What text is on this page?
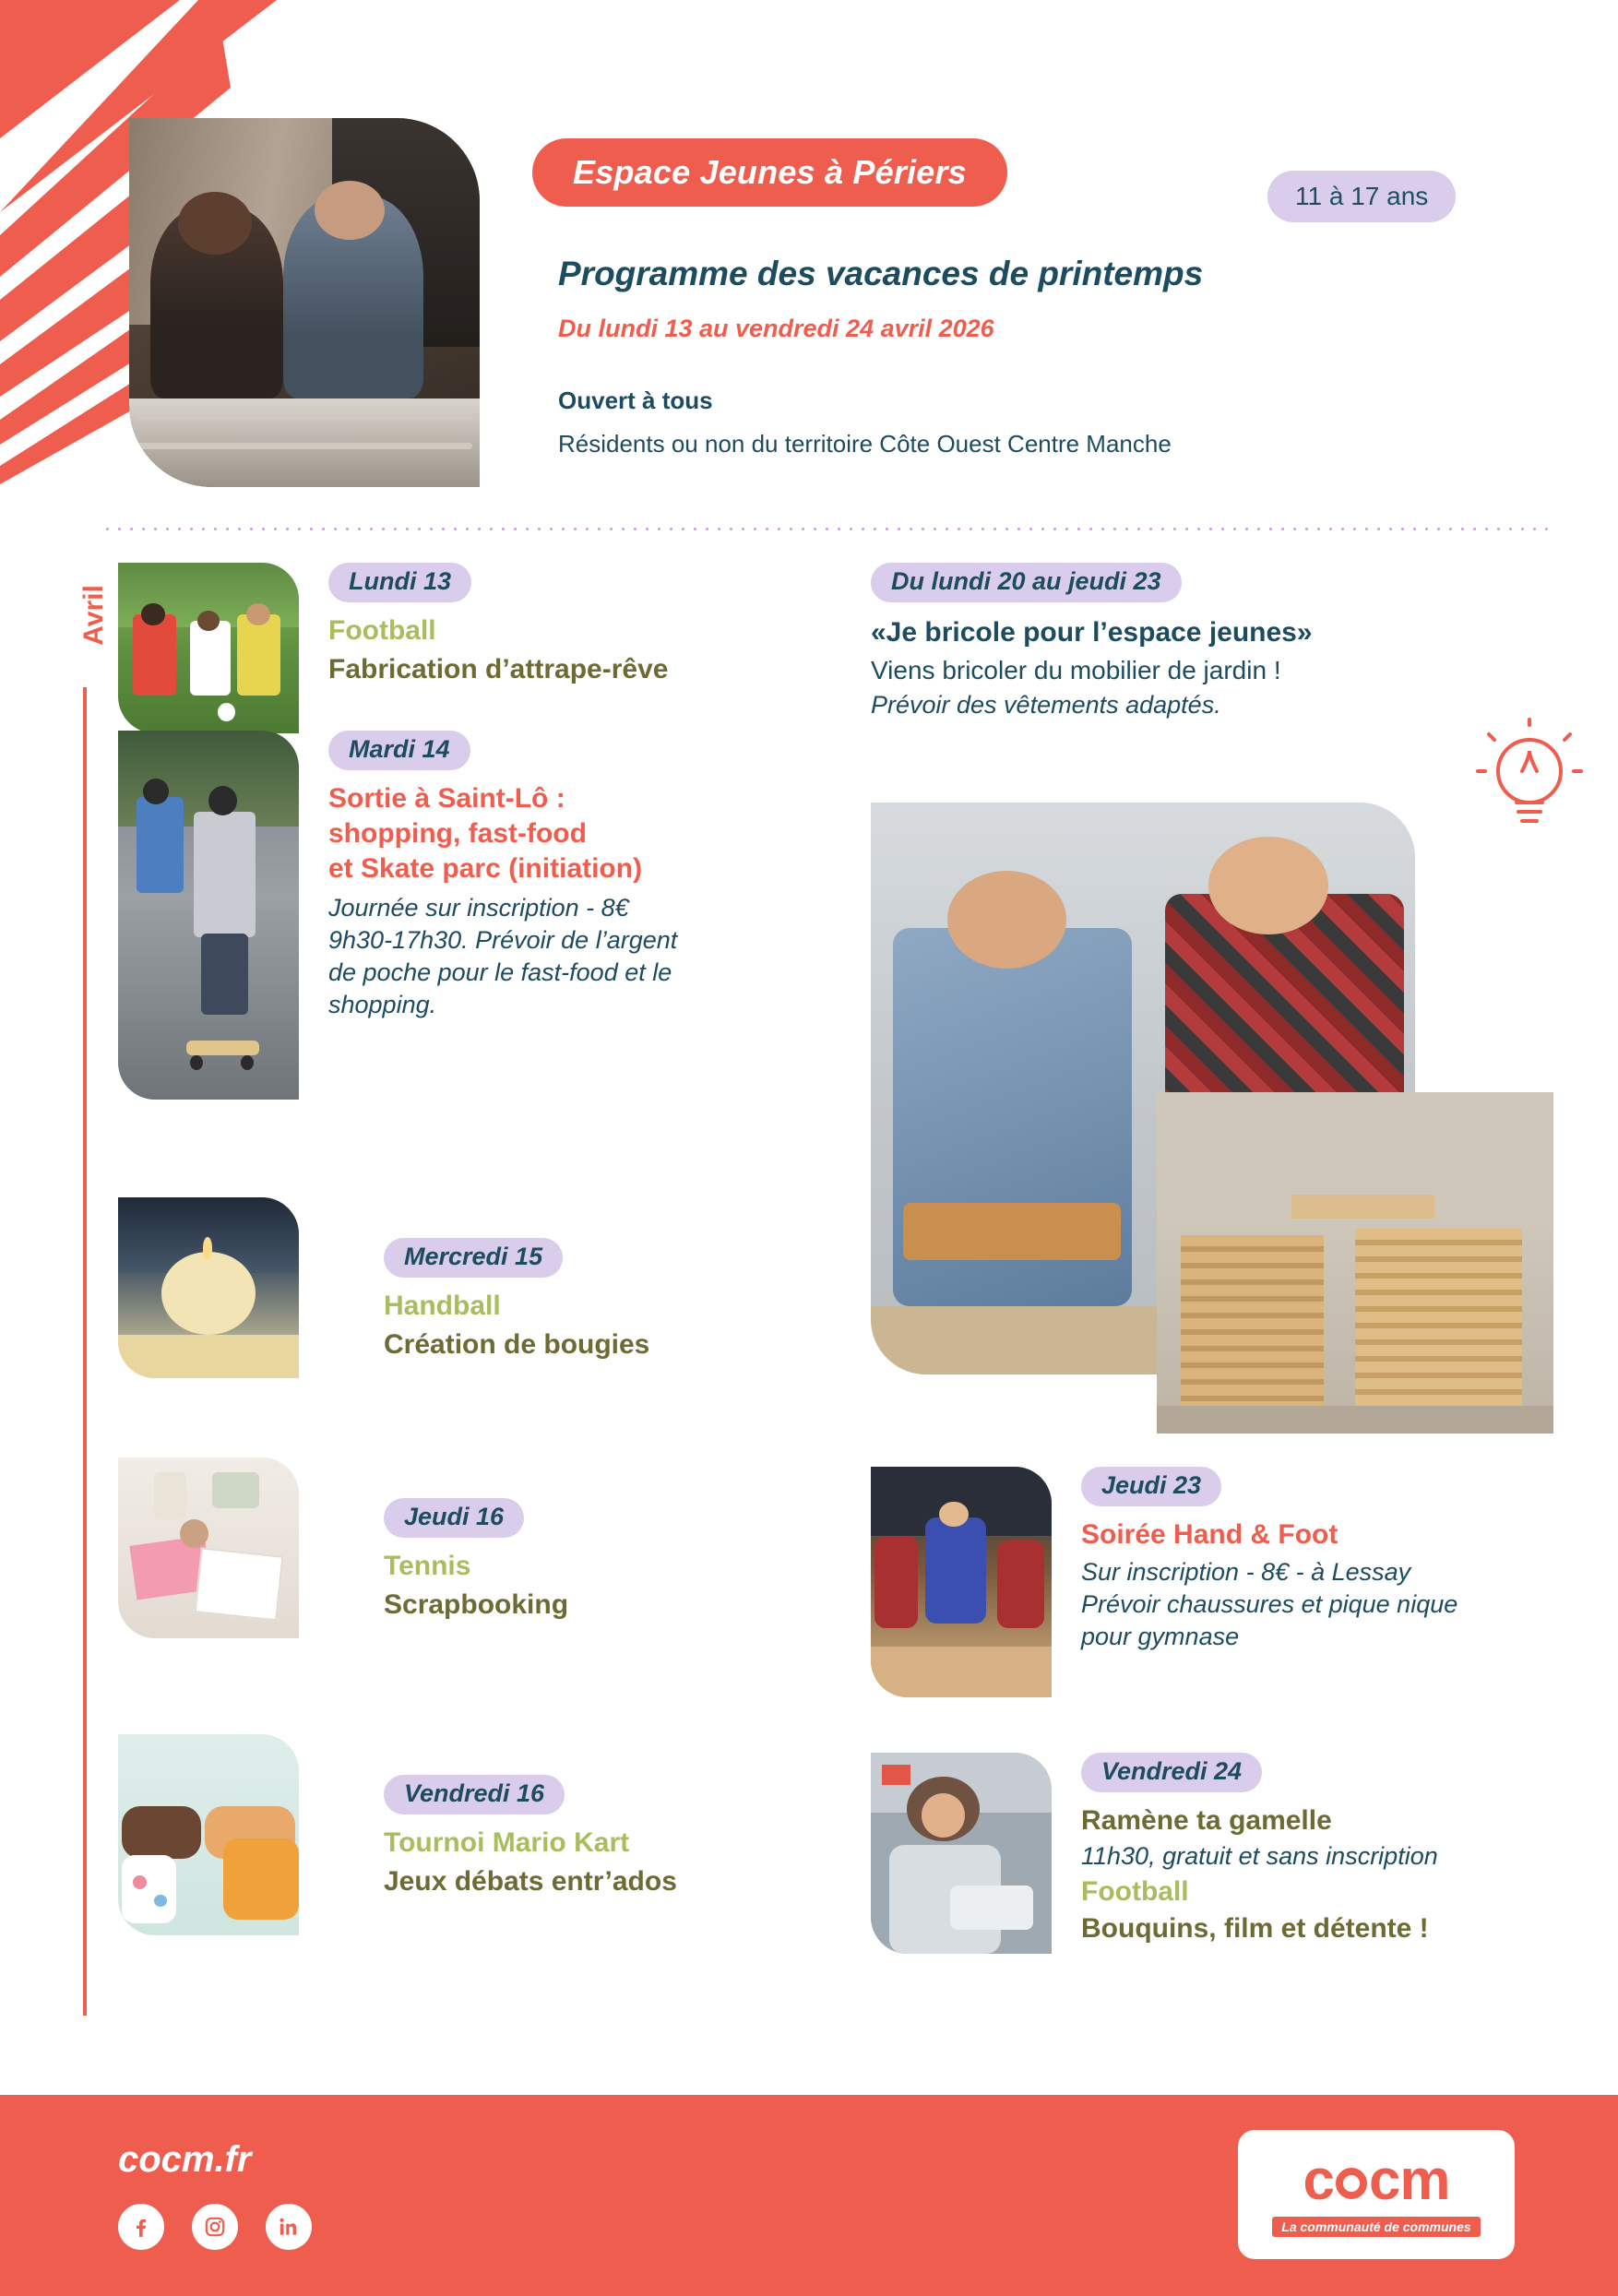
Espace Jeunes à Périers
11 à 17 ans
Programme des vacances de printemps
Du lundi 13 au vendredi 24 avril 2026
Ouvert à tous
Résidents ou non du territoire Côte Ouest Centre Manche
Avril
Lundi 13
Football
Fabrication d’attrape-rêve
Mardi 14
Sortie à Saint-Lô :
shopping, fast-food
et Skate parc (initiation)
Journée sur inscription - 8€
9h30-17h30. Prévoir de l’argent
de poche pour le fast-food et le
shopping.
Mercredi 15
Handball
Création de bougies
Jeudi 16
Tennis
Scrapbooking
Vendredi 16
Tournoi Mario Kart
Jeux débats entr’ados
Du lundi 20 au jeudi 23
«Je bricole pour l’espace jeunes»
Viens bricoler du mobilier de jardin !
Prévoir des vêtements adaptés.
Jeudi 23
Soirée Hand & Foot
Sur inscription - 8€ - à Lessay
Prévoir chaussures et pique nique
pour gymnase
Vendredi 24
Ramène ta gamelle
11h30, gratuit et sans inscription
Football
Bouquins, film et détente !
cocm.fr	c cm
La communauté de communes
